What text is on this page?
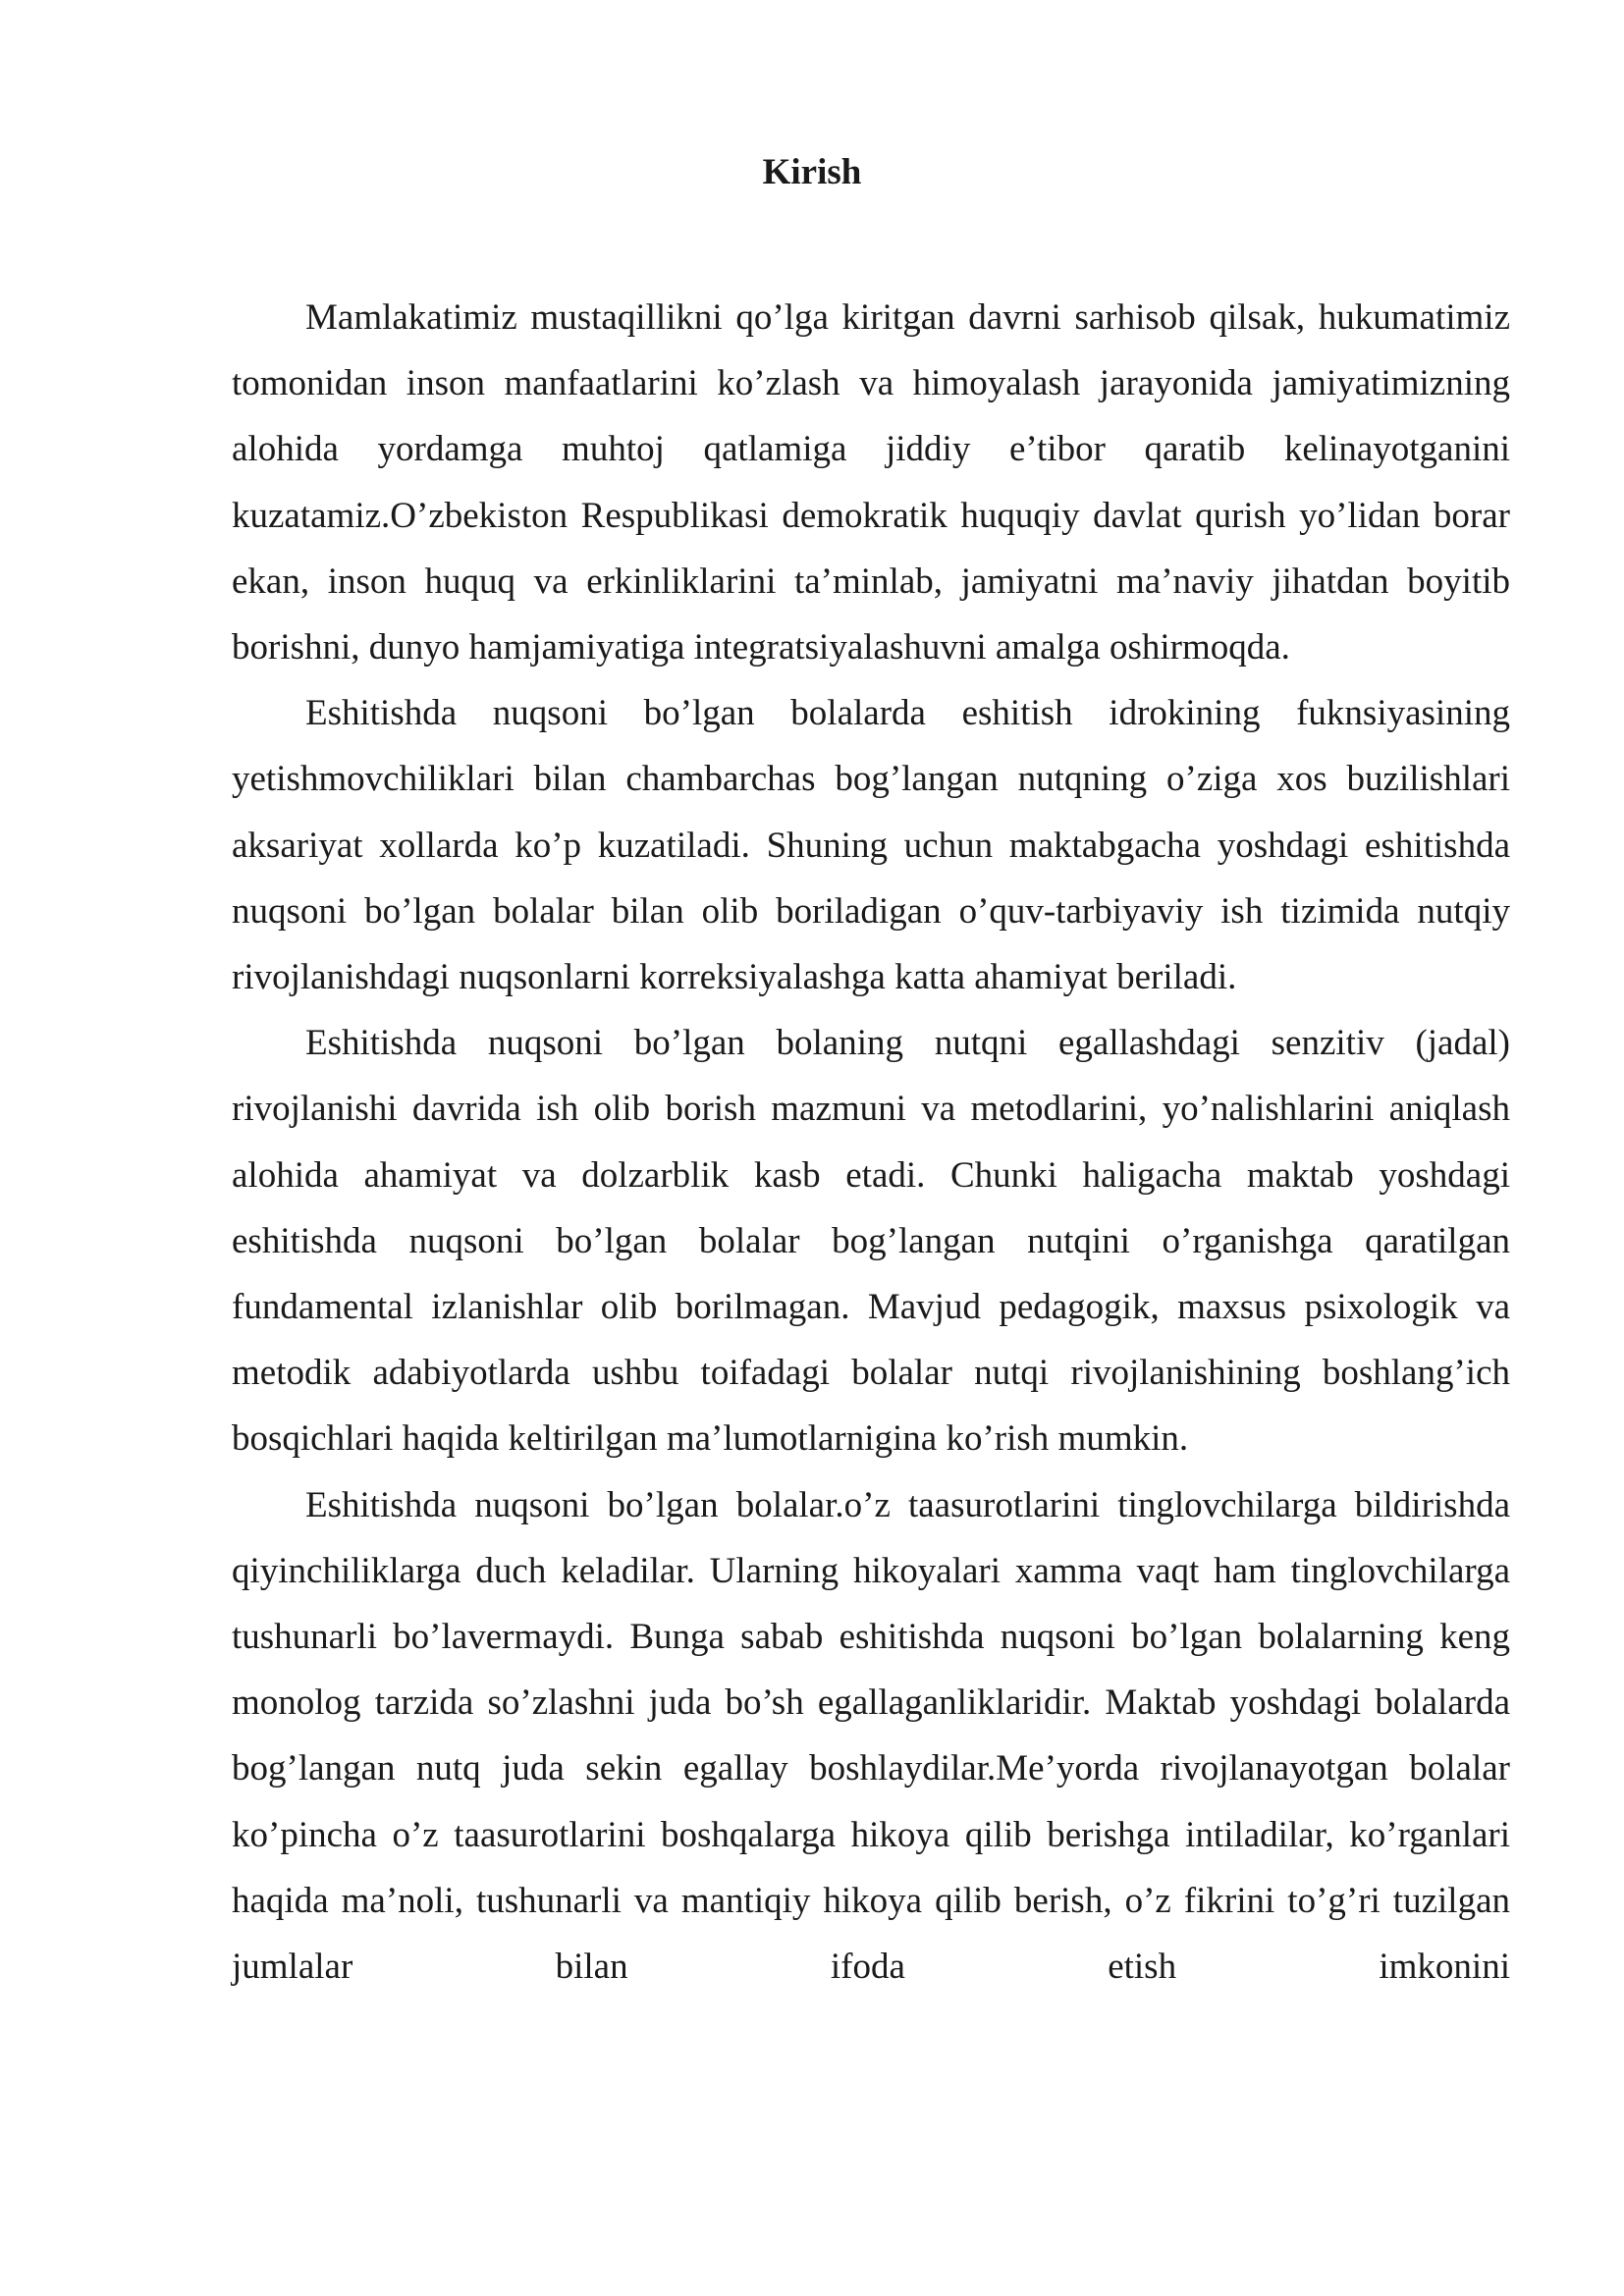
Kirish

Mamlakatimiz mustaqillikni qo’lga kiritgan davrni sarhisob qilsak, hukumatimiz tomonidan inson manfaatlarini ko’zlash va himoyalash jarayonida jamiyatimizning alohida yordamga muhtoj qatlamiga jiddiy e’tibor qaratib kelinayotganini kuzatamiz.O’zbekiston Respublikasi demokratik huquqiy davlat qurish yo’lidan borar ekan, inson huquq va erkinliklarini ta’minlab, jamiyatni ma’naviy jihatdan boyitib borishni, dunyo hamjamiyatiga integratsiyalashuvni amalga oshirmoqda.

Eshitishda nuqsoni bo’lgan bolalarda eshitish idrokining fuknsiyasining yetishmovchiliklari bilan chambarchas bog’langan nutqning o’ziga xos buzilishlari aksariyat xollarda ko’p kuzatiladi. Shuning uchun maktabgacha yoshdagi eshitishda nuqsoni bo’lgan bolalar bilan olib boriladigan o’quv-tarbiyaviy ish tizimida nutqiy rivojlanishdagi nuqsonlarni korreksiyalashga katta ahamiyat beriladi.

Eshitishda nuqsoni bo’lgan bolaning nutqni egallashdagi senzitiv (jadal) rivojlanishi davrida ish olib borish mazmuni va metodlarini, yo’nalishlarini aniqlash alohida ahamiyat va dolzarblik kasb etadi. Chunki haligacha maktab yoshdagi eshitishda nuqsoni bo’lgan bolalar bog’langan nutqini o’rganishga qaratilgan fundamental izlanishlar olib borilmagan. Mavjud pedagogik, maxsus psixologik va metodik adabiyotlarda ushbu toifadagi bolalar nutqi rivojlanishining boshlang’ich bosqichlari haqida keltirilgan ma’lumotlarnigina ko’rish mumkin.

Eshitishda nuqsoni bo’lgan bolalar.o’z taasurotlarini tinglovchilarga bildirishda qiyinchiliklarga duch keladilar. Ularning hikoyalari xamma vaqt ham tinglovchilarga tushunarli bo’lavermaydi. Bunga sabab eshitishda nuqsoni bo’lgan bolalarning keng monolog tarzida so’zlashni juda bo’sh egallaganliklaridir. Maktab yoshdagi bolalarda bog’langan nutq juda sekin egallay boshlaydilar.Me’yorda rivojlanayotgan bolalar ko’pincha o’z taasurotlarini boshqalarga hikoya qilib berishga intiladilar, ko’rganlari haqida ma’noli, tushunarli va mantiqiy hikoya qilib berish, o’z fikrini to’g’ri tuzilgan jumlalar bilan ifoda etish imkonini
